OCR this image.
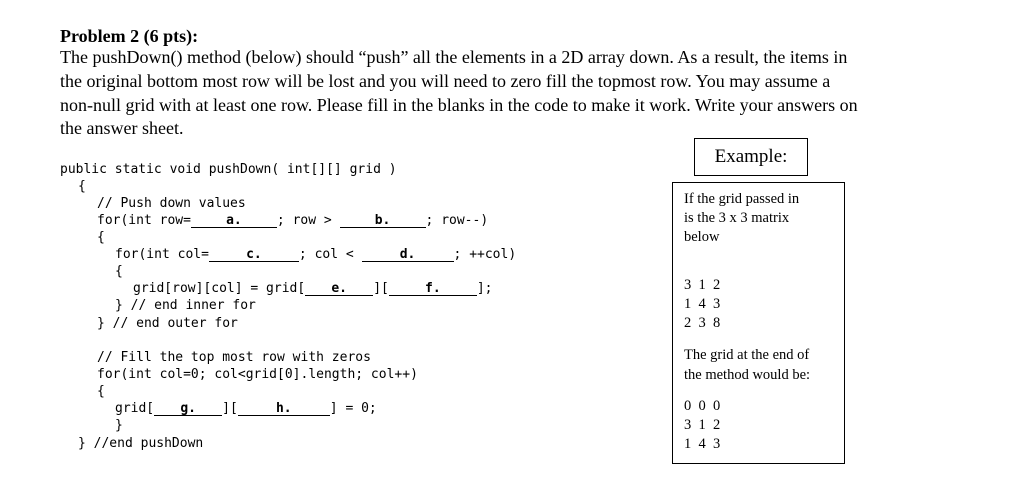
Problem 2 (6 pts):
The pushDown() method (below) should “push” all the elements in a 2D array down. As a result, the items in
the original bottom most row will be lost and you will need to zero fill the topmost row. You may assume a
non-null grid with at least one row. Please fill in the blanks in the code to make it work. Write your answers on
the answer sheet.
public static void pushDown( int[][] grid )
{
// Push down values
for(int row=	a.	; row >	b.	; row--)
{
for(int col=	c.	; col <	d.	; ++col)
{
grid[row][col] = grid[ e. ][	f.	];
} // end inner for
} // end outer for
// Fill the top most row with zeros
for(int col=0; col<grid[0].length; col++)
{
grid[ g. ][	h.	] = 0;
}
} //end pushDown
Example:
If the grid passed in
is the 3 x 3 matrix
below
3  1  2
1  4  3
2  3  8
The grid at the end of
the method would be:
0  0  0
3  1  2
1  4  3
